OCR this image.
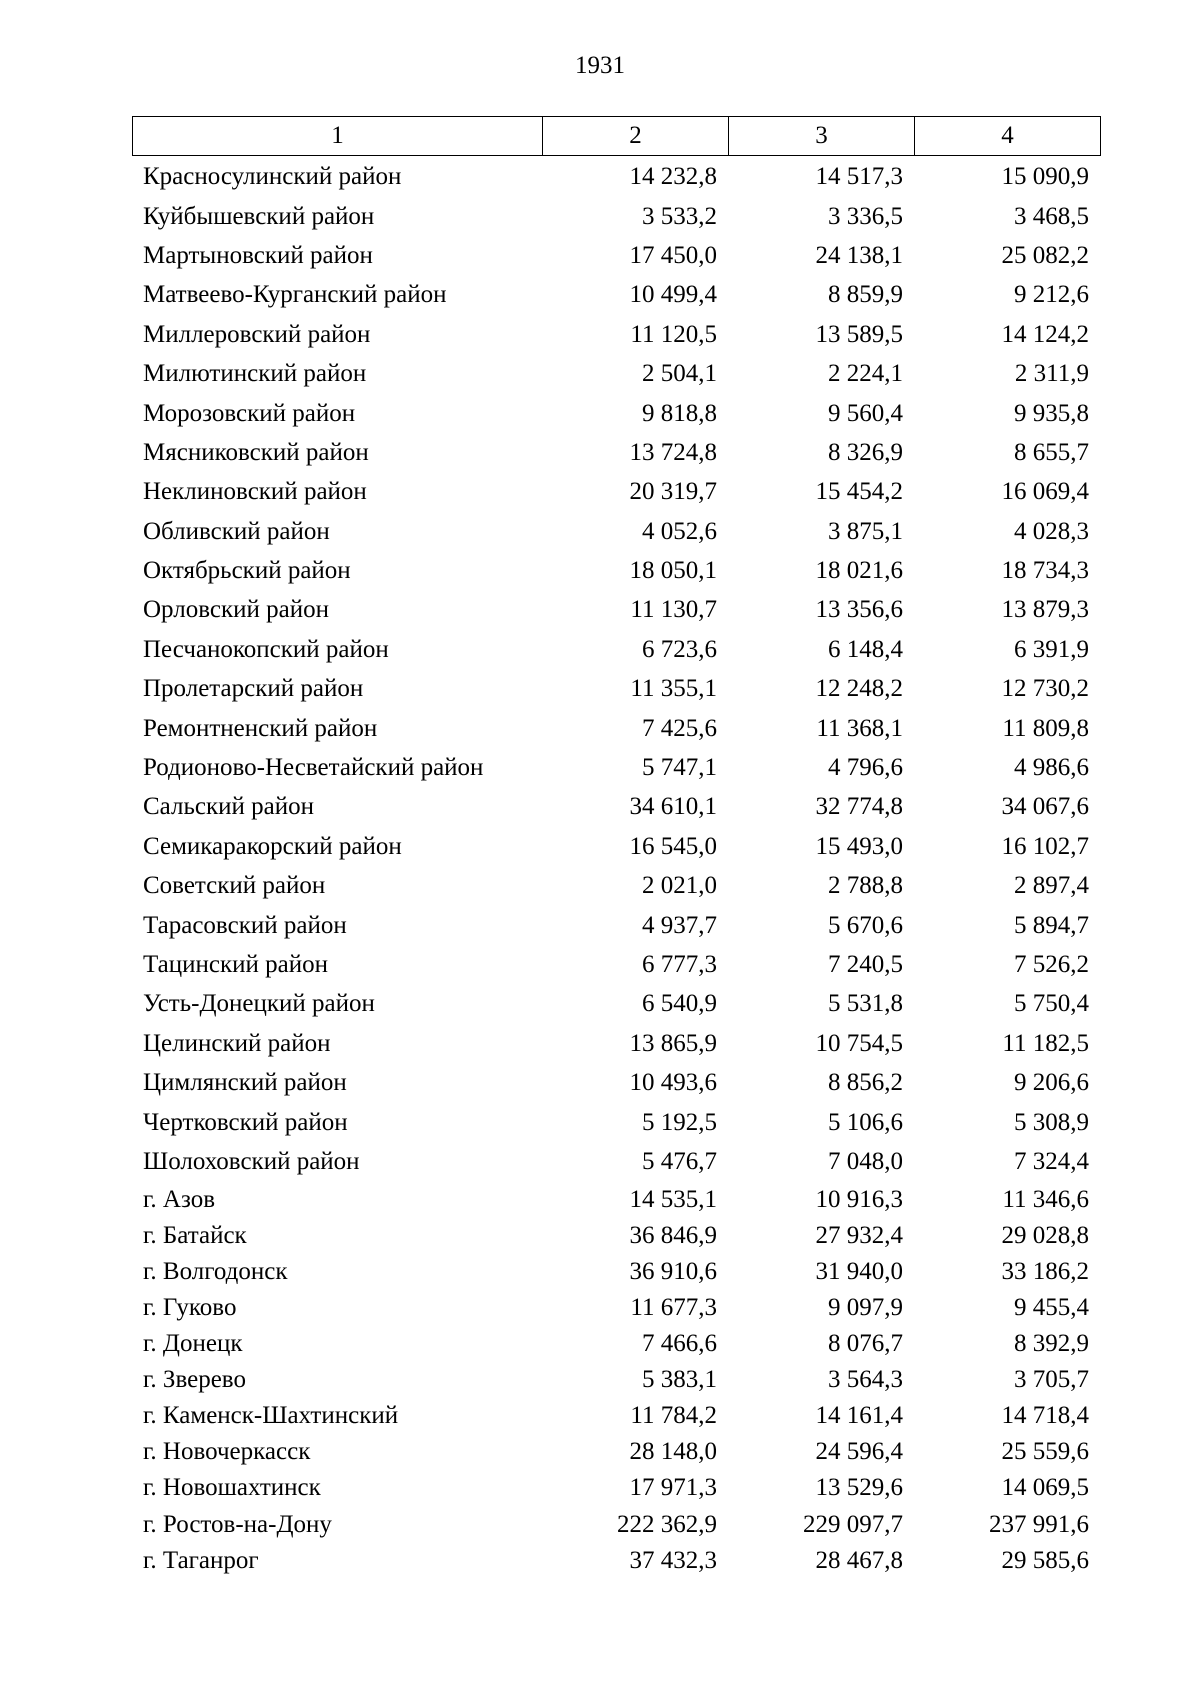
1931
1	2	3	4
Красносулинский район	14 232,8	14 517,3	15 090,9
Куйбышевский район	3 533,2	3 336,5	3 468,5
Мартыновский район	17 450,0	24 138,1	25 082,2
Матвеево-Курганский район	10 499,4	8 859,9	9 212,6
Миллеровский район	11 120,5	13 589,5	14 124,2
Милютинский район	2 504,1	2 224,1	2 311,9
Морозовский район	9 818,8	9 560,4	9 935,8
Мясниковский район	13 724,8	8 326,9	8 655,7
Неклиновский район	20 319,7	15 454,2	16 069,4
Обливский район	4 052,6	3 875,1	4 028,3
Октябрьский район	18 050,1	18 021,6	18 734,3
Орловский район	11 130,7	13 356,6	13 879,3
Песчанокопский район	6 723,6	6 148,4	6 391,9
Пролетарский район	11 355,1	12 248,2	12 730,2
Ремонтненский район	7 425,6	11 368,1	11 809,8
Родионово-Несветайский район	5 747,1	4 796,6	4 986,6
Сальский район	34 610,1	32 774,8	34 067,6
Семикаракорский район	16 545,0	15 493,0	16 102,7
Советский район	2 021,0	2 788,8	2 897,4
Тарасовский район	4 937,7	5 670,6	5 894,7
Тацинский район	6 777,3	7 240,5	7 526,2
Усть-Донецкий район	6 540,9	5 531,8	5 750,4
Целинский район	13 865,9	10 754,5	11 182,5
Цимлянский район	10 493,6	8 856,2	9 206,6
Чертковский район	5 192,5	5 106,6	5 308,9
Шолоховский район	5 476,7	7 048,0	7 324,4
г. Азов	14 535,1	10 916,3	11 346,6
г. Батайск	36 846,9	27 932,4	29 028,8
г. Волгодонск	36 910,6	31 940,0	33 186,2
г. Гуково	11 677,3	9 097,9	9 455,4
г. Донецк	7 466,6	8 076,7	8 392,9
г. Зверево	5 383,1	3 564,3	3 705,7
г. Каменск-Шахтинский	11 784,2	14 161,4	14 718,4
г. Новочеркасск	28 148,0	24 596,4	25 559,6
г. Новошахтинск	17 971,3	13 529,6	14 069,5
г. Ростов-на-Дону	222 362,9	229 097,7	237 991,6
г. Таганрог	37 432,3	28 467,8	29 585,6
